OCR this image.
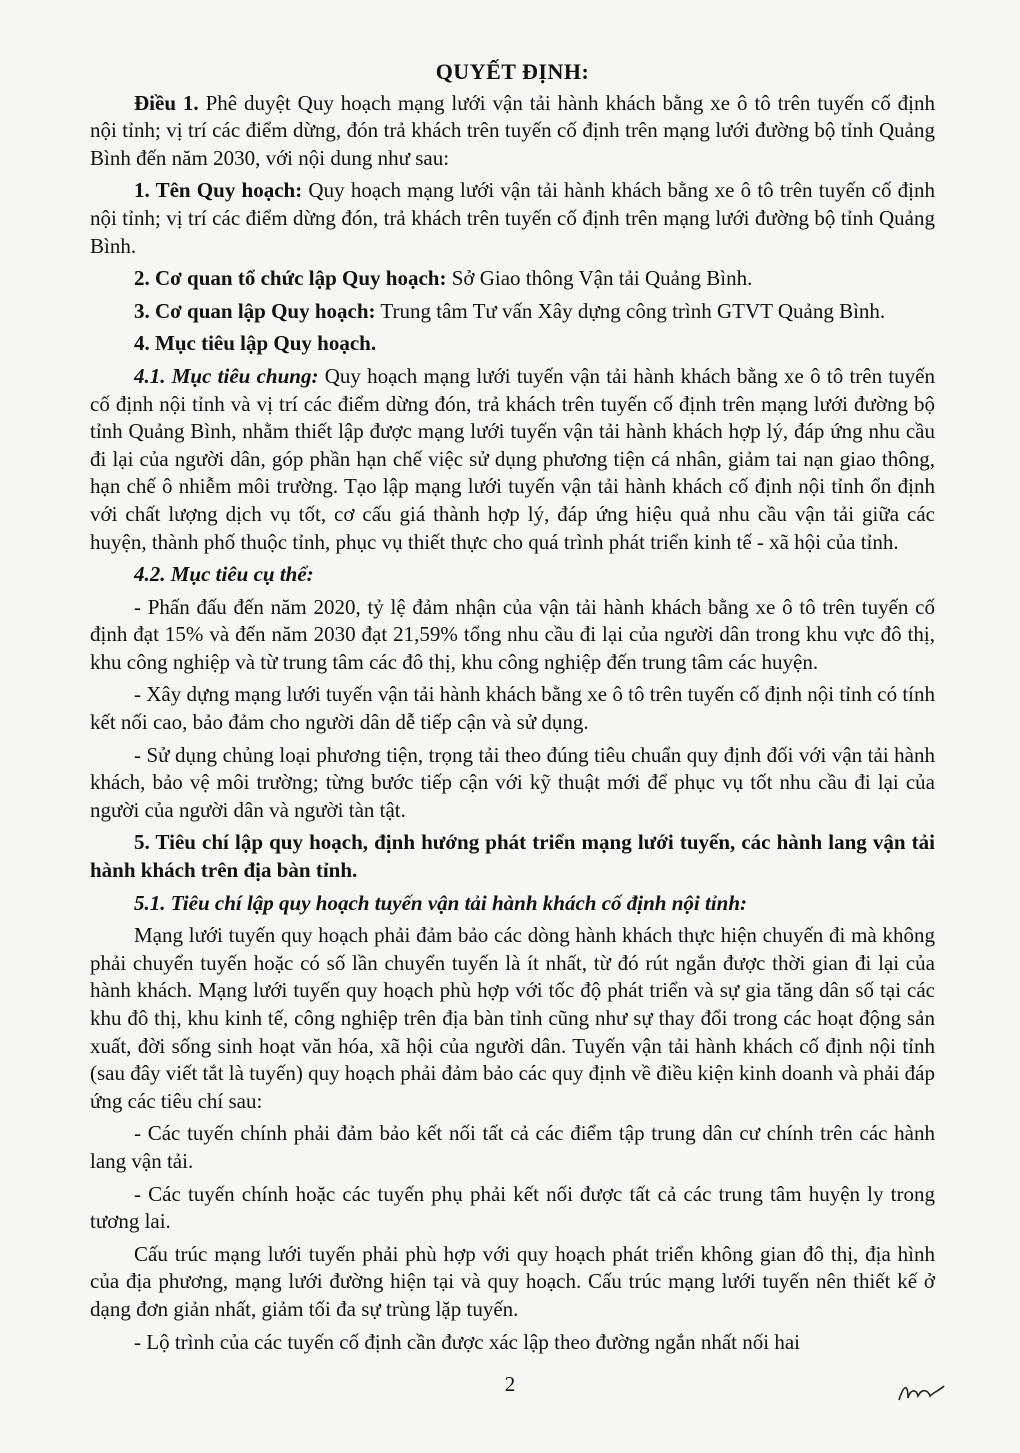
QUYẾT ĐỊNH:

Điều 1. Phê duyệt Quy hoạch mạng lưới vận tải hành khách bằng xe ô tô trên tuyến cố định nội tỉnh; vị trí các điểm dừng, đón trả khách trên tuyến cố định trên mạng lưới đường bộ tỉnh Quảng Bình đến năm 2030, với nội dung như sau:

1. Tên Quy hoạch: Quy hoạch mạng lưới vận tải hành khách bằng xe ô tô trên tuyến cố định nội tỉnh; vị trí các điểm dừng đón, trả khách trên tuyến cố định trên mạng lưới đường bộ tỉnh Quảng Bình.

2. Cơ quan tổ chức lập Quy hoạch: Sở Giao thông Vận tải Quảng Bình.

3. Cơ quan lập Quy hoạch: Trung tâm Tư vấn Xây dựng công trình GTVT Quảng Bình.

4. Mục tiêu lập Quy hoạch.

4.1. Mục tiêu chung: Quy hoạch mạng lưới tuyến vận tải hành khách bằng xe ô tô trên tuyến cố định nội tỉnh và vị trí các điểm dừng đón, trả khách trên tuyến cố định trên mạng lưới đường bộ tỉnh Quảng Bình, nhằm thiết lập được mạng lưới tuyến vận tải hành khách hợp lý, đáp ứng nhu cầu đi lại của người dân, góp phần hạn chế việc sử dụng phương tiện cá nhân, giảm tai nạn giao thông, hạn chế ô nhiễm môi trường. Tạo lập mạng lưới tuyến vận tải hành khách cố định nội tỉnh ổn định với chất lượng dịch vụ tốt, cơ cấu giá thành hợp lý, đáp ứng hiệu quả nhu cầu vận tải giữa các huyện, thành phố thuộc tỉnh, phục vụ thiết thực cho quá trình phát triển kinh tế - xã hội của tỉnh.

4.2. Mục tiêu cụ thể:

- Phấn đấu đến năm 2020, tỷ lệ đảm nhận của vận tải hành khách bằng xe ô tô trên tuyến cố định đạt 15% và đến năm 2030 đạt 21,59% tổng nhu cầu đi lại của người dân trong khu vực đô thị, khu công nghiệp và từ trung tâm các đô thị, khu công nghiệp đến trung tâm các huyện.

- Xây dựng mạng lưới tuyến vận tải hành khách bằng xe ô tô trên tuyến cố định nội tỉnh có tính kết nối cao, bảo đảm cho người dân dễ tiếp cận và sử dụng.

- Sử dụng chủng loại phương tiện, trọng tải theo đúng tiêu chuẩn quy định đối với vận tải hành khách, bảo vệ môi trường; từng bước tiếp cận với kỹ thuật mới để phục vụ tốt nhu cầu đi lại của người của người dân và người tàn tật.

5. Tiêu chí lập quy hoạch, định hướng phát triển mạng lưới tuyến, các hành lang vận tải hành khách trên địa bàn tỉnh.

5.1. Tiêu chí lập quy hoạch tuyến vận tải hành khách cố định nội tỉnh:

Mạng lưới tuyến quy hoạch phải đảm bảo các dòng hành khách thực hiện chuyến đi mà không phải chuyển tuyến hoặc có số lần chuyển tuyến là ít nhất, từ đó rút ngắn được thời gian đi lại của hành khách. Mạng lưới tuyến quy hoạch phù hợp với tốc độ phát triển và sự gia tăng dân số tại các khu đô thị, khu kinh tế, công nghiệp trên địa bàn tỉnh cũng như sự thay đổi trong các hoạt động sản xuất, đời sống sinh hoạt văn hóa, xã hội của người dân. Tuyến vận tải hành khách cố định nội tỉnh (sau đây viết tắt là tuyến) quy hoạch phải đảm bảo các quy định về điều kiện kinh doanh và phải đáp ứng các tiêu chí sau:

- Các tuyến chính phải đảm bảo kết nối tất cả các điểm tập trung dân cư chính trên các hành lang vận tải.

- Các tuyến chính hoặc các tuyến phụ phải kết nối được tất cả các trung tâm huyện ly trong tương lai.

Cấu trúc mạng lưới tuyến phải phù hợp với quy hoạch phát triển không gian đô thị, địa hình của địa phương, mạng lưới đường hiện tại và quy hoạch. Cấu trúc mạng lưới tuyến nên thiết kế ở dạng đơn giản nhất, giảm tối đa sự trùng lặp tuyến.

- Lộ trình của các tuyến cố định cần được xác lập theo đường ngắn nhất nối hai

2
